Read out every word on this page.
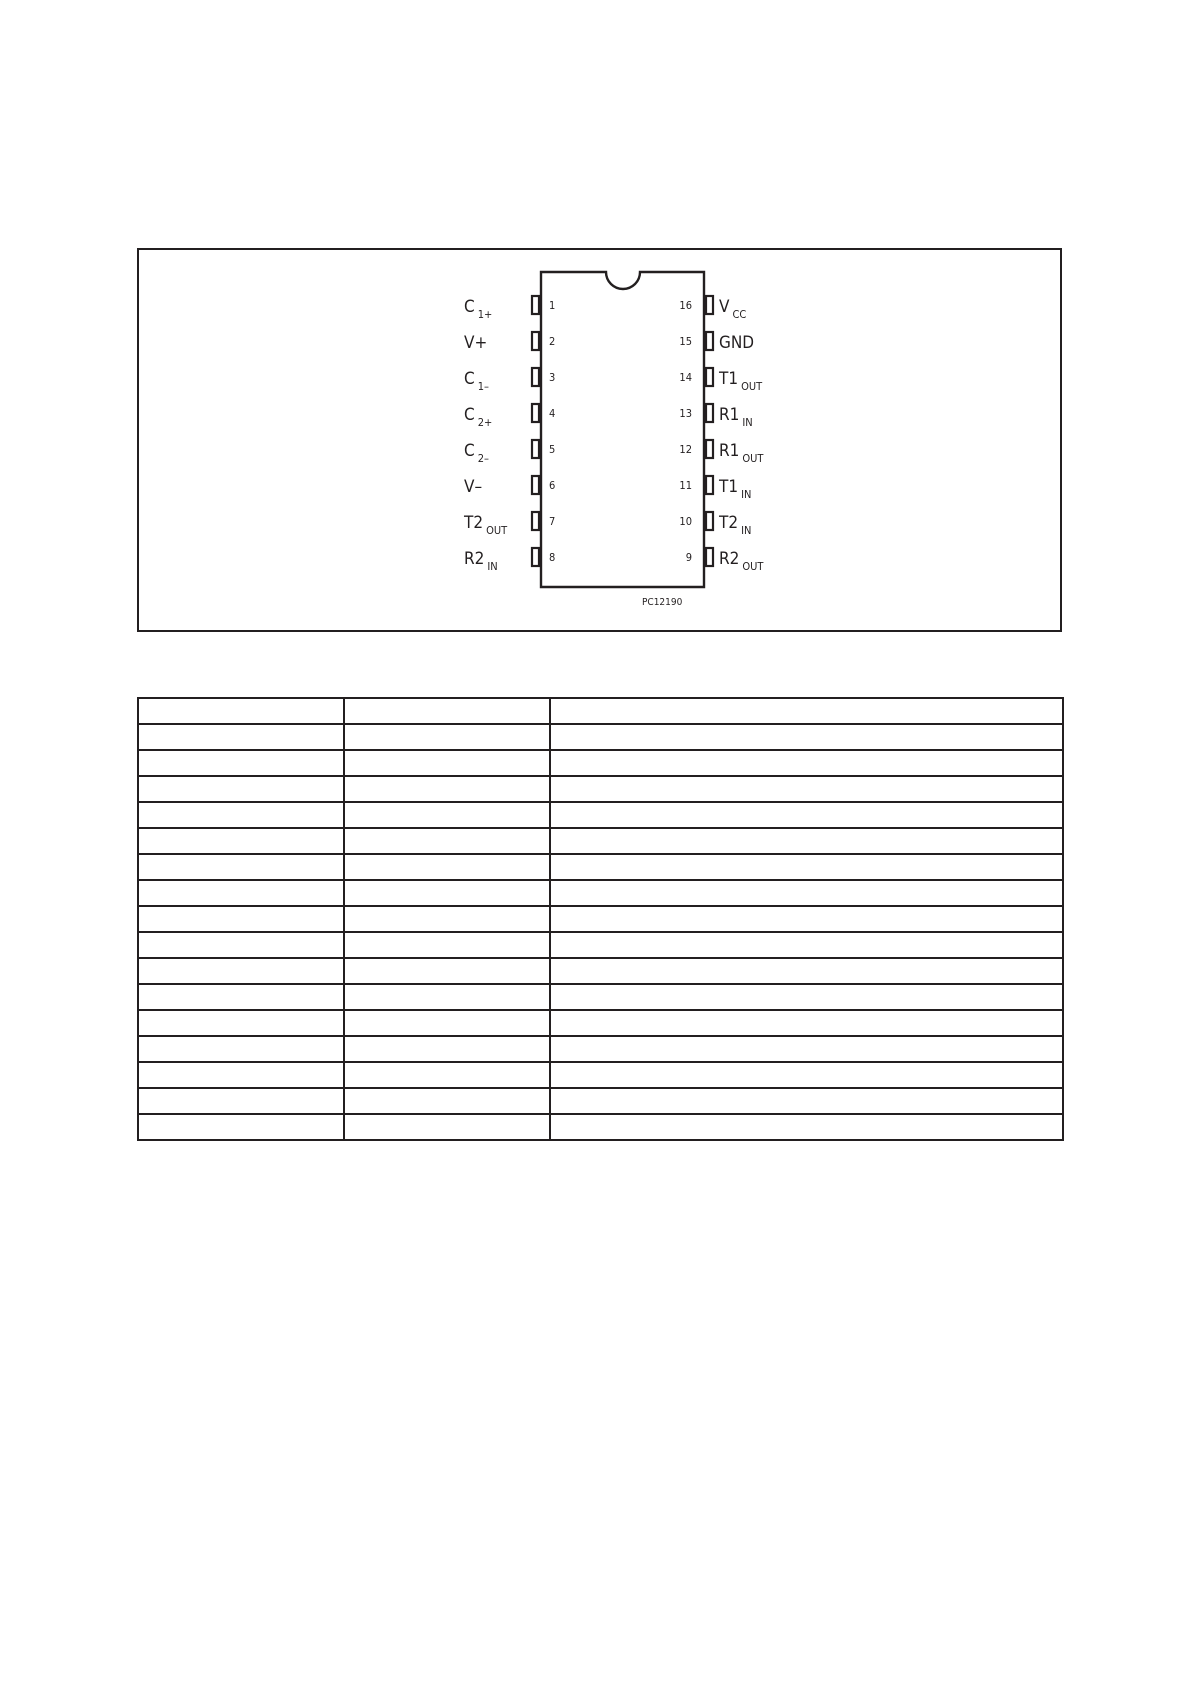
1
C $_{1+}$
2
V+
3
C $_{1-}$
4
C $_{2+}$
5
C $_{2-}$
6
V–
7
T2 $_{OUT}$
8
R2 $_{IN}$
16 V $_{CC}$
15 GND
14 T1 $_{OUT}$
13 R1 $_{IN}$
12 R1 $_{OUT}$
11 T1 $_{IN}$
10 T2 $_{IN}$
9 R2 $_{OUT}$
PC12190
